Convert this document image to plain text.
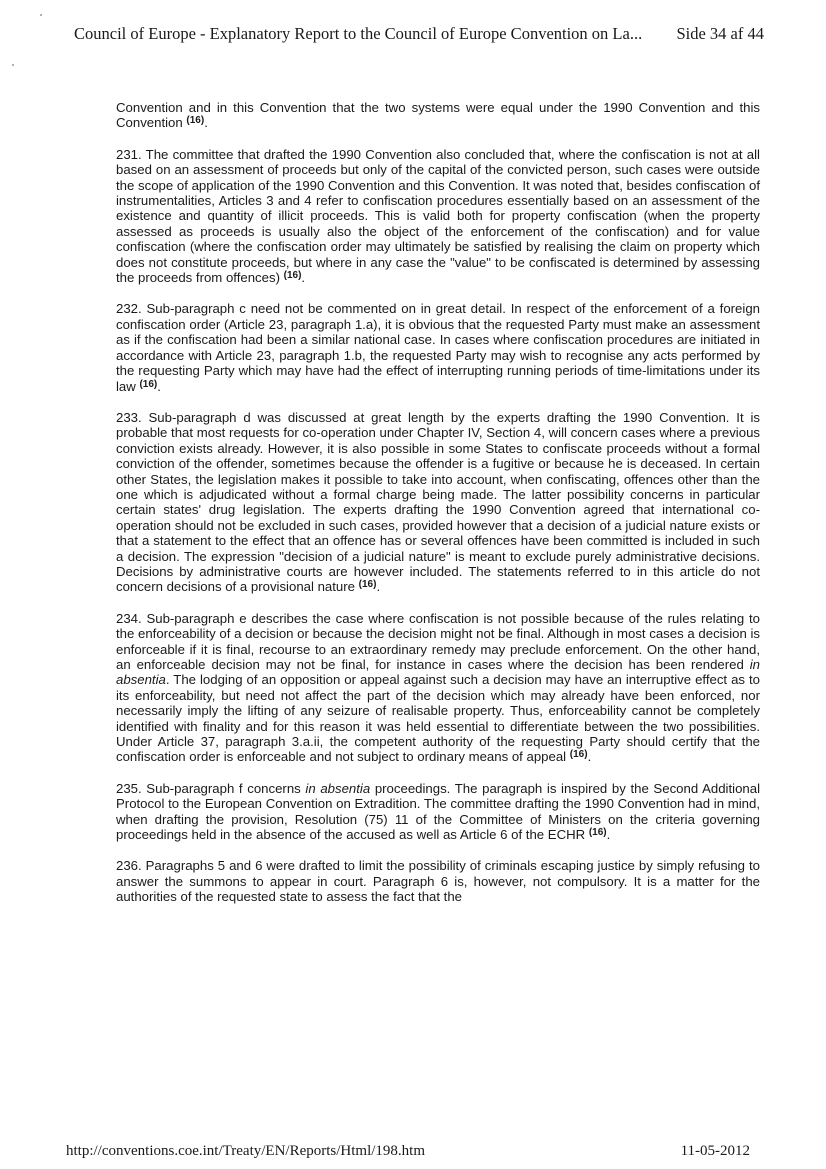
Council of Europe - Explanatory Report to the Council of Europe Convention on La... Side 34 af 44

Convention and in this Convention that the two systems were equal under the 1990 Convention and this Convention $^{(16)}$.

231. The committee that drafted the 1990 Convention also concluded that, where the confiscation is not at all based on an assessment of proceeds but only of the capital of the convicted person, such cases were outside the scope of application of the 1990 Convention and this Convention. It was noted that, besides confiscation of instrumentalities, Articles 3 and 4 refer to confiscation procedures essentially based on an assessment of the existence and quantity of illicit proceeds. This is valid both for property confiscation (when the property assessed as proceeds is usually also the object of the enforcement of the confiscation) and for value confiscation (where the confiscation order may ultimately be satisfied by realising the claim on property which does not constitute proceeds, but where in any case the "value" to be confiscated is determined by assessing the proceeds from offences) $^{(16)}$.

232. Sub-paragraph c need not be commented on in great detail. In respect of the enforcement of a foreign confiscation order (Article 23, paragraph 1.a), it is obvious that the requested Party must make an assessment as if the confiscation had been a similar national case. In cases where confiscation procedures are initiated in accordance with Article 23, paragraph 1.b, the requested Party may wish to recognise any acts performed by the requesting Party which may have had the effect of interrupting running periods of time-limitations under its law $^{(16)}$.

233. Sub-paragraph d was discussed at great length by the experts drafting the 1990 Convention. It is probable that most requests for co-operation under Chapter IV, Section 4, will concern cases where a previous conviction exists already. However, it is also possible in some States to confiscate proceeds without a formal conviction of the offender, sometimes because the offender is a fugitive or because he is deceased. In certain other States, the legislation makes it possible to take into account, when confiscating, offences other than the one which is adjudicated without a formal charge being made. The latter possibility concerns in particular certain states' drug legislation. The experts drafting the 1990 Convention agreed that international co-operation should not be excluded in such cases, provided however that a decision of a judicial nature exists or that a statement to the effect that an offence has or several offences have been committed is included in such a decision. The expression "decision of a judicial nature" is meant to exclude purely administrative decisions. Decisions by administrative courts are however included. The statements referred to in this article do not concern decisions of a provisional nature $^{(16)}$.

234. Sub-paragraph e describes the case where confiscation is not possible because of the rules relating to the enforceability of a decision or because the decision might not be final. Although in most cases a decision is enforceable if it is final, recourse to an extraordinary remedy may preclude enforcement. On the other hand, an enforceable decision may not be final, for instance in cases where the decision has been rendered in absentia. The lodging of an opposition or appeal against such a decision may have an interruptive effect as to its enforceability, but need not affect the part of the decision which may already have been enforced, nor necessarily imply the lifting of any seizure of realisable property. Thus, enforceability cannot be completely identified with finality and for this reason it was held essential to differentiate between the two possibilities. Under Article 37, paragraph 3.a.ii, the competent authority of the requesting Party should certify that the confiscation order is enforceable and not subject to ordinary means of appeal $^{(16)}$.

235. Sub-paragraph f concerns in absentia proceedings. The paragraph is inspired by the Second Additional Protocol to the European Convention on Extradition. The committee drafting the 1990 Convention had in mind, when drafting the provision, Resolution (75) 11 of the Committee of Ministers on the criteria governing proceedings held in the absence of the accused as well as Article 6 of the ECHR $^{(16)}$.

236. Paragraphs 5 and 6 were drafted to limit the possibility of criminals escaping justice by simply refusing to answer the summons to appear in court. Paragraph 6 is, however, not compulsory. It is a matter for the authorities of the requested state to assess the fact that the

http://conventions.coe.int/Treaty/EN/Reports/Html/198.htm	11-05-2012
